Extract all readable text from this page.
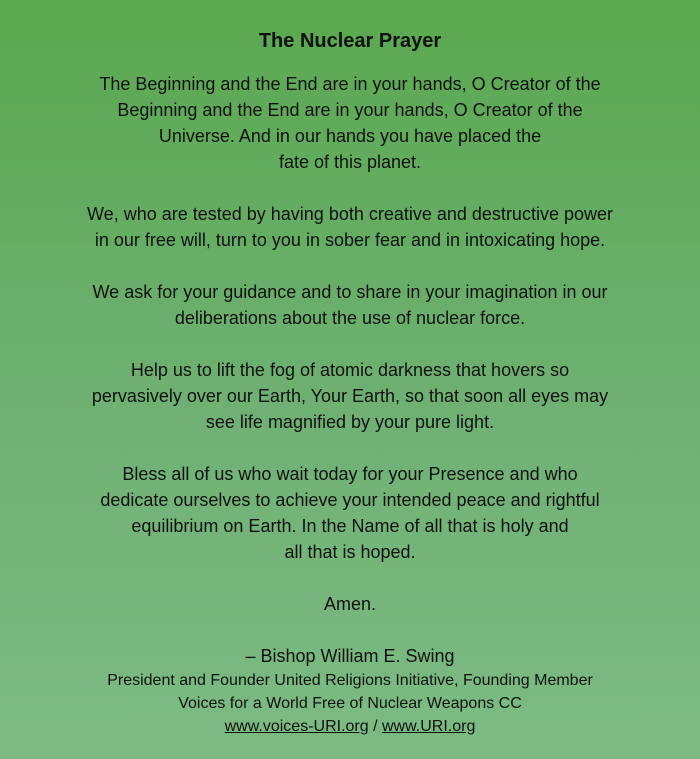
The Nuclear Prayer
The Beginning and the End are in your hands, O Creator of the
Beginning and the End are in your hands, O Creator of the
Universe. And in our hands you have placed the
fate of this planet.
We, who are tested by having both creative and destructive power
in our free will, turn to you in sober fear and in intoxicating hope.
We ask for your guidance and to share in your imagination in our
deliberations about the use of nuclear force.
Help us to lift the fog of atomic darkness that hovers so
pervasively over our Earth, Your Earth, so that soon all eyes may
see life magnified by your pure light.
Bless all of us who wait today for your Presence and who
dedicate ourselves to achieve your intended peace and rightful
equilibrium on Earth. In the Name of all that is holy and
all that is hoped.
Amen.
– Bishop William E. Swing
President and Founder United Religions Initiative, Founding Member
Voices for a World Free of Nuclear Weapons CC
www.voices-URI.org / www.URI.org
